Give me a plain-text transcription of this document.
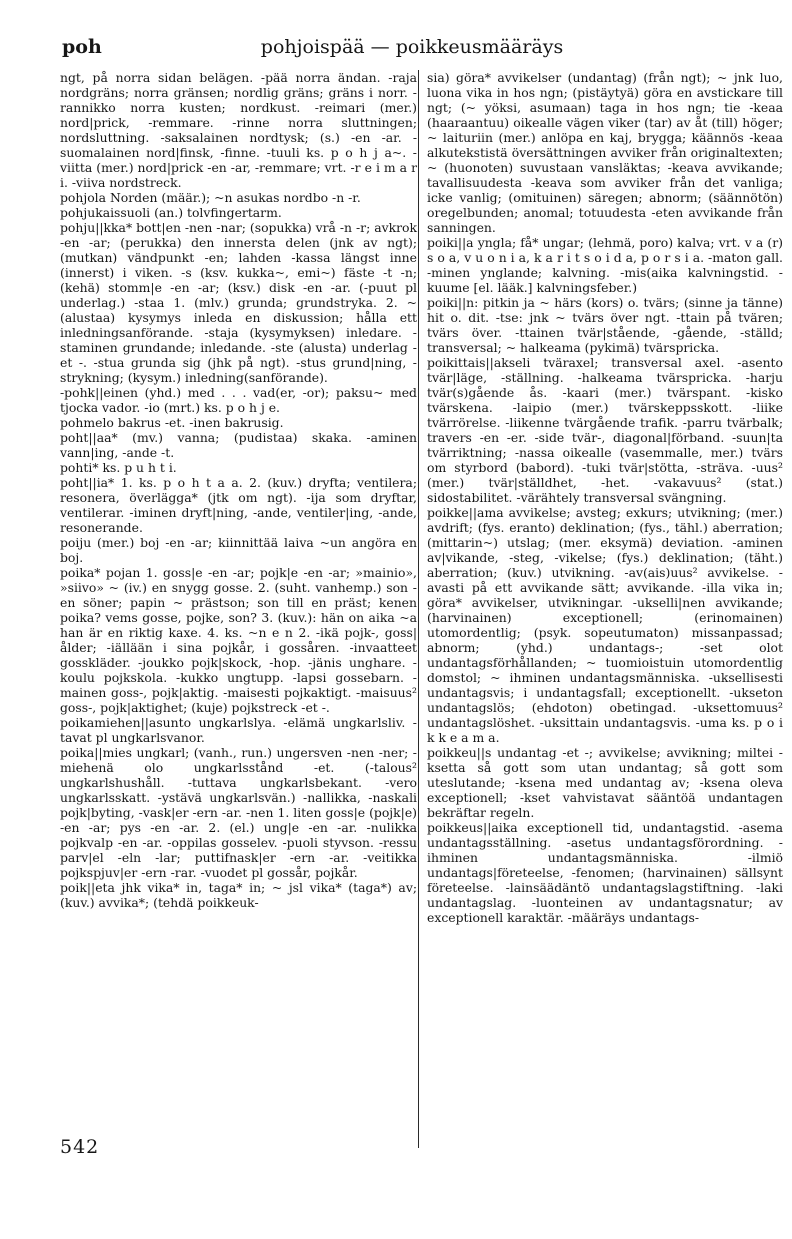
poh	pohjoispää — poikkeusmääräys

ngt, på norra sidan belägen. -pää norra ändan. -raja nordgräns; norra gränsen; nordlig gräns; gräns i norr. -rannikko norra kusten; nordkust. -reimari (mer.) nord|prick, -remmare. -rinne norra sluttningen; nordsluttning. -saksalainen nordtysk; (s.) -en -ar. -suomalainen nord|finsk, -finne. -tuuli ks. p o h j a~. -viitta (mer.) nord|prick -en -ar, -remmare; vrt. -r e i m a r i. -viiva nordstreck.

pohjola Norden (määr.); ~n asukas nordbo -n -r.

pohjukaissuoli (an.) tolvfingertarm.

pohju||kka* bott|en -nen -nar; (sopukka) vrå -n -r; avkrok -en -ar; (perukka) den innersta delen (jnk av ngt); (mutkan) vändpunkt -en; lahden -kassa längst inne (innerst) i viken. -s (ksv. kukka~, emi~) fäste -t -n; (kehä) stomm|e -en -ar; (ksv.) disk -en -ar. (-puut pl underlag.) -staa 1. (mlv.) grunda; grundstryka. 2. ~ (alustaa) kysymys inleda en diskussion; hålla ett inledningsanförande. -staja (kysymyksen) inledare. -staminen grundande; inledande. -ste (alusta) underlag -et -. -stua grunda sig (jhk på ngt). -stus grund|ning, -strykning; (kysym.) inledning(sanförande).

-pohk||einen (yhd.) med . . . vad(er, -or); paksu~ med tjocka vador. -io (mrt.) ks. p o h j e.

pohmelo bakrus -et. -inen bakrusig.

poht||aa* (mv.) vanna; (pudistaa) skaka. -aminen vann|ing, -ande -t.

pohti* ks. p u h t i.

poht||ia* 1. ks. p o h t a a. 2. (kuv.) dryfta; ventilera; resonera, överlägga* (jtk om ngt). -ija som dryftar, ventilerar. -iminen dryft|ning, -ande, ventiler|ing, -ande, resonerande.

poiju (mer.) boj -en -ar; kiinnittää laiva ~un angöra en boj.

poika* pojan 1. goss|e -en -ar; pojk|e -en -ar; »mainio», »siivo» ~ (iv.) en snygg gosse. 2. (suht. vanhemp.) son -en söner; papin ~ prästson; son till en präst; kenen poika? vems gosse, pojke, son? 3. (kuv.): hän on aika ~a han är en riktig kaxe. 4. ks. ~n e n 2. -ikä pojk-, goss|ålder; -iällään i sina pojkår, i gossåren. -invaatteet gosskläder. -joukko pojk|skock, -hop. -jänis unghare. -koulu pojkskola. -kukko ungtupp. -lapsi gossebarn. -mainen goss-, pojk|aktig. -maisesti pojkaktigt. -maisuus² goss-, pojk|aktighet; (kuje) pojkstreck -et -.

poikamiehen||asunto ungkarlslya. -elämä ungkarlsliv. -tavat pl ungkarlsvanor.

poika||mies ungkarl; (vanh., run.) ungersven -nen -ner; -miehenä olo ungkarlsstånd -et. (-talous² ungkarlshushåll. -tuttava ungkarlsbekant. -vero ungkarlsskatt. -ystävä ungkarlsvän.) -nallikka, -naskali pojk|byting, -vask|er -ern -ar. -nen 1. liten goss|e (pojk|e) -en -ar; pys -en -ar. 2. (el.) ung|e -en -ar. -nulikka pojkvalp -en -ar. -oppilas gosselev. -puoli styvson. -ressu parv|el -eln -lar; puttifnask|er -ern -ar. -veitikka pojkspjuv|er -ern -rar. -vuodet pl gossår, pojkår.

poik||eta jhk vika* in, taga* in; ~ jsl vika* (taga*) av; (kuv.) avvika*; (tehdä poikkeuk-

sia) göra* avvikelser (undantag) (från ngt); ~ jnk luo, luona vika in hos ngn; (pistäytyä) göra en avstickare till ngt; (~ yöksi, asumaan) taga in hos ngn; tie -keaa (haaraantuu) oikealle vägen viker (tar) av åt (till) höger; ~ laituriin (mer.) anlöpa en kaj, brygga; käännös -keaa alkutekstistä översättningen avviker från originaltexten; ~ (huonoten) suvustaan vansläktas; -keava avvikande; tavallisuudesta -keava som avviker från det vanliga; icke vanlig; (omituinen) säregen; abnorm; (säännötön) oregelbunden; anomal; totuudesta -eten avvikande från sanningen.

poiki||a yngla; få* ungar; (lehmä, poro) kalva; vrt. v a (r) s o a, v u o n i a, k a r i t s o i d a, p o r s i a. -maton gall. -minen ynglande; kalvning. -mis(aika kalvningstid. -kuume [el. lääk.] kalvningsfeber.)

poiki||n: pitkin ja ~ härs (kors) o. tvärs; (sinne ja tänne) hit o. dit. -tse: jnk ~ tvärs över ngt. -ttain på tvären; tvärs över. -ttainen tvär|stående, -gående, -ställd; transversal; ~ halkeama (pykimä) tvärspricka.

poikittais||akseli tväraxel; transversal axel. -asento tvär|läge, -ställning. -halkeama tvärspricka. -harju tvär(s)gående ås. -kaari (mer.) tvärspant. -kisko tvärskena. -laipio (mer.) tvärskeppsskott. -liike tvärrörelse. -liikenne tvärgående trafik. -parru tvärbalk; travers -en -er. -side tvär-, diagonal|förband. -suun|ta tvärriktning; -nassa oikealle (vasemmalle, mer.) tvärs om styrbord (babord). -tuki tvär|stötta, -sträva. -uus² (mer.) tvär|ställdhet, -het. -vakavuus² (stat.) sidostabilitet. -värähtely transversal svängning.

poikke||ama avvikelse; avsteg; exkurs; utvikning; (mer.) avdrift; (fys. eranto) deklination; (fys., tähl.) aberration; (mittarin~) utslag; (mer. eksymä) deviation. -aminen av|vikande, -steg, -vikelse; (fys.) deklination; (täht.) aberration; (kuv.) utvikning. -av(ais)uus² avvikelse. -avasti på ett avvikande sätt; avvikande. -illa vika in; göra* avvikelser, utvikningar. -ukselli|nen avvikande; (harvinainen) exceptionell; (erinomainen) utomordentlig; (psyk. sopeutumaton) missanpassad; abnorm; (yhd.) undantags-; -set olot undantagsförhållanden; ~ tuomioistuin utomordentlig domstol; ~ ihminen undantagsmänniska. -uksellisesti undantagsvis; i undantagsfall; exceptionellt. -ukseton undantagslös; (ehdoton) obetingad. -uksettomuus² undantagslöshet. -uksittain undantagsvis. -uma ks. p o i k k e a m a.

poikkeu||s undantag -et -; avvikelse; avvikning; miltei -ksetta så gott som utan undantag; så gott som uteslutande; -ksena med undantag av; -ksena oleva exceptionell; -kset vahvistavat sääntöä undantagen bekräftar regeln.

poikkeus||aika exceptionell tid, undantagstid. -asema undantagsställning. -asetus undantagsförordning. -ihminen undantagsmänniska. -ilmiö undantags|företeelse, -fenomen; (harvinainen) sällsynt företeelse. -lainsäädäntö undantagslagstiftning. -laki undantagslag. -luonteinen av undantagsnatur; av exceptionell karaktär. -määräys undantags-

542
